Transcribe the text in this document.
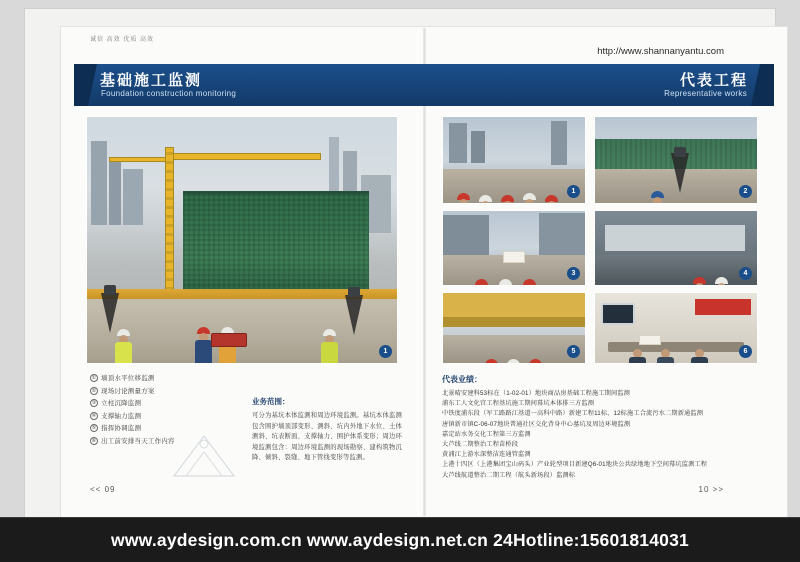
诚信 高效 优质 高效
http://www.shannanyantu.com
基础施工监测
Foundation construction monitoring
代表工程
Representative works
1
1	2
3	4
5	6
① 墙顶水平位移监测
② 现场讨论测量方案
③ 立柱沉降监测
④ 支撑轴力监测
⑤ 指挥协调监测
⑥ 出工前安排当天工作内容
业务范围：
可分为基坑本体监测和周边环境监测。基坑本体监测包含围护墙顶部变形、测斜、坑内外地下水位、土体测斜、坑表断面、支撑轴力、围护体系变形；周边环境监测包含：周边环境监测的现场勘察、建构筑物沉降、倾斜、裂缝、地下管线变形等监测。
代表业绩：
北景晴安建科53标在（1-02-01）地块商品房基础工程施工期间监测
浦东工人文化宫工程基坑施工期间幕坑本体排三方监测
中铁度浦东段（军工路路江基道一高科中路）新建工程11标、12标施工合流污水二期新通监测
唐镇新市镇C-06-07地块普通社区交化背身中心墓坑及周边环境监测
嘉定站水务交化工程第三方监测
大芦线二期整治工程苗桥段
黄浦江上游水深整洁连通管监测
上港十四区（上港集团宝山码头）产业轮型项目新建Q6-01地块公共绿地地下空间幕坑监测工程
大芦线航道整治二期工程（航头新场段）监测标
<< 09	10 >>
www.aydesign.com.cn www.aydesign.net.cn 24Hotline:15601814031
